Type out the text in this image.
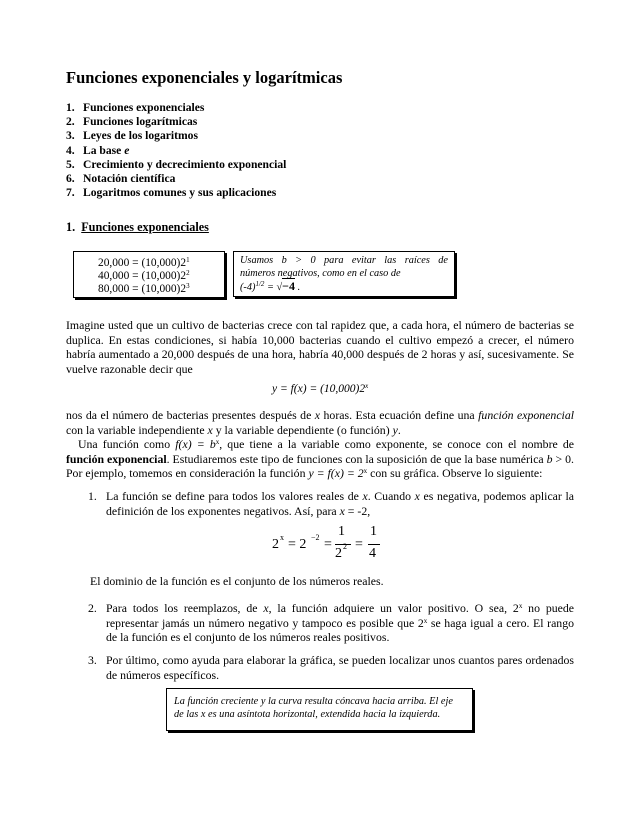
Funciones exponenciales y logarítmicas
1. Funciones exponenciales
2. Funciones logarítmicas
3. Leyes de los logaritmos
4. La base e
5. Crecimiento y decrecimiento exponencial
6. Notación científica
7. Logaritmos comunes y sus aplicaciones
1. Funciones exponenciales
$20,000 = (10,000)2^1$
$40,000 = (10,000)2^2$
$80,000 = (10,000)2^3$

Usamos b > 0 para evitar las raíces de

números negativos, como en el caso de

$(-4)^{1/2} = √-4$ .

Imagine usted que un cultivo de bacterias crece con tal rapidez que, a cada hora, el número de bacterias se duplica. En estas condiciones, si había 10,000 bacterias cuando el cultivo empezó a crecer, el número habría aumentado a 20,000 después de una hora, habría 40,000 después de 2 horas y así, sucesivamente. Se vuelve razonable decir que

$y = f(x) = (10,000)2^x$

nos da el número de bacterias presentes después de x horas. Esta ecuación define una función exponencial con la variable independiente x y la variable dependiente (o función) y.

Una función como $f(x) = b^x$, que tiene a la variable como exponente, se conoce con el nombre de función exponencial. Estudiaremos este tipo de funciones con la suposición de que la base numérica b > 0. Por ejemplo, tomemos en consideración la función $y = f(x) = 2^x$ con su gráfica. Observe lo siguiente:

1. La función se define para todos los valores reales de x. Cuando x es negativa, podemos aplicar la definición de los exponentes negativos. Así, para x = -2,
2 x = 2 −2 =
1
2 2 =
1
4
El dominio de la función es el conjunto de los números reales.
2. Para todos los reemplazos, de x, la función adquiere un valor positivo. O sea, 2$^x$ no puede representar jamás un número negativo y tampoco es posible que 2$^x$ se haga igual a cero. El rango de la función es el conjunto de los números reales positivos.
3. Por último, como ayuda para elaborar la gráfica, se pueden localizar unos cuantos pares ordenados de números específicos.
La función creciente y la curva resulta cóncava hacia arriba. El eje
de las x es una asíntota horizontal, extendida hacia la izquierda.
